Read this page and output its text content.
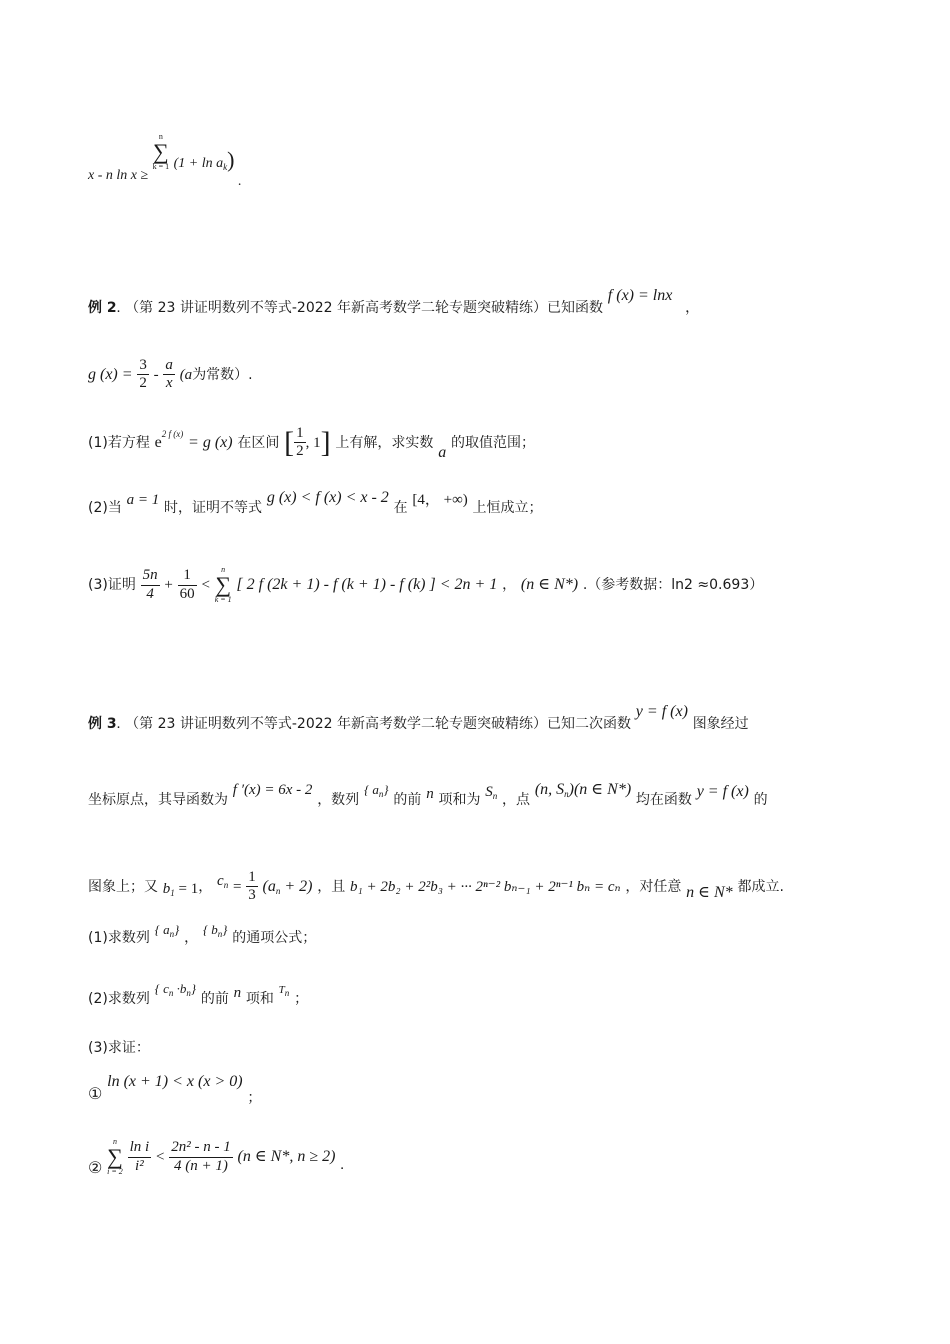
x - n ln x ≥
n
∑
k = 1 $(1 + \ln a_k)$ .
例 2. （第 23 讲证明数列不等式-2022 年新高考数学二轮专题突破精练）已知函数 f (x) = lnx ，
g $(x) = \frac{3}{2} - \frac{a}{x} (a$为常数）.
(1)若方程 $e^{2 f (x)} = g$ (x) 在区间 [ $\frac{1}{2}$ , 1] 上有解，求实数 a 的取值范围；
(2)当 a = 1 时，证明不等式 g (x) < f (x) < x - 2 在 [4， +∞) 上恒成立；
(3)证明 $\frac{5n}{4} + \frac{1}{60}$ <
n
∑
k = 1
[ 2 f (2k + 1) - f (k + 1) - f (k) ] < 2n + 1 ， (n ∈ N*) .（参考数据：ln2 ≈0.693）
例 3. （第 23 讲证明数列不等式-2022 年新高考数学二轮专题突破精练）已知二次函数 y = f (x) 图象经过
坐标原点，其导函数为 f ′(x) = 6x - 2 ，数列 { $a_n$} 的前 n 项和为 $S_n$ ，点 (n, $S_n)(n$ ∈ N*) 均在函数 y = f (x) 的
图象上；又 $b_1 = 1$， $c_n = \frac{1}{3} (a_n + 2)$ ，且 b₁ + 2b₂ + 2²b₃ + ··· 2ⁿ⁻² bₙ₋₁ + 2ⁿ⁻¹ bₙ = cₙ ，对任意 n ∈ N* 都成立.
(1)求数列 { $a_n$} ， { $b_n$} 的通项公式；
(2)求数列 { $c_n \cdot b_n$} 的前 n 项和 $^{T_n}$ ；
(3)求证：
① ln (x + 1) < x (x > 0) ；
②
n
∑
i = 2
$\frac{\text{ln i}}{\text{i²}} < \frac{\text{2n² - n - 1}}{4 (n + 1)} (n$ ∈ N*, n ≥ 2) .
